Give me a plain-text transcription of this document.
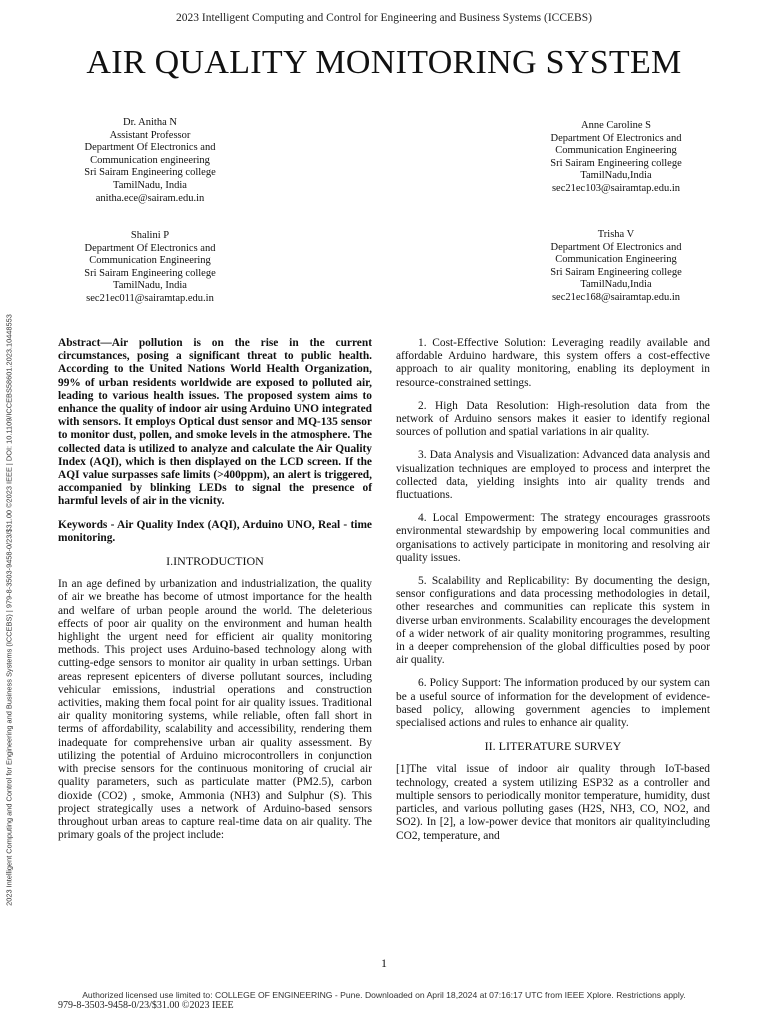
2023 Intelligent Computing and Control for Engineering and Business Systems (ICCEBS)
AIR QUALITY MONITORING SYSTEM
Dr. Anitha N
Assistant Professor
Department Of Electronics and
Communication engineering
Sri Sairam Engineering college
TamilNadu, India
anitha.ece@sairam.edu.in
Anne Caroline S
Department Of Electronics and
Communication Engineering
Sri Sairam Engineering college
TamilNadu,India
sec21ec103@sairamtap.edu.in
Shalini P
Department Of Electronics and
Communication Engineering
Sri Sairam Engineering college
TamilNadu, India
sec21ec011@sairamtap.edu.in
Trisha V
Department Of Electronics and
Communication Engineering
Sri Sairam Engineering college
TamilNadu,India
sec21ec168@sairamtap.edu.in
2023 Intelligent Computing and Control for Engineering and Business Systems (ICCEBS) | 979-8-3503-9458-0/23/$31.00 ©2023 IEEE | DOI: 10.1109/ICCEBS58601.2023.10448553	Abstract—Air pollution is on the rise in the current circumstances, posing a significant threat to public health. According to the United Nations World Health Organization, 99% of urban residents worldwide are exposed to polluted air, leading to various health issues. The proposed system aims to enhance the quality of indoor air using Arduino UNO integrated with sensors. It employs Optical dust sensor and MQ-135 sensor to monitor dust, pollen, and smoke levels in the atmosphere. The collected data is utilized to analyze and calculate the Air Quality Index (AQI), which is then displayed on the LCD screen. If the AQI value surpasses safe limits (>400ppm), an alert is triggered, accompanied by blinking LEDs to signal the presence of harmful levels of air in the vicnity.

Keywords - Air Quality Index (AQI), Arduino UNO, Real - time monitoring.

I.INTRODUCTION

In an age defined by urbanization and industrialization, the quality of air we breathe has become of utmost importance for the health and welfare of urban people around the world. The deleterious effects of poor air quality on the environment and human health highlight the urgent need for efficient air quality monitoring methods. This project uses Arduino-based technology along with cutting-edge sensors to monitor air quality in urban settings. Urban areas represent epicenters of diverse pollutant sources, including vehicular emissions, industrial operations and construction activities, making them focal point for air quality issues. Traditional air quality monitoring systems, while reliable, often fall short in terms of affordability, scalability and accessibility, rendering them inadequate for comprehensive urban air quality assessment. By utilizing the potential of Arduino microcontrollers in conjunction with precise sensors for the continuous monitoring of crucial air quality parameters, such as particulate matter (PM2.5), carbon dioxide (CO2) , smoke, Ammonia (NH3) and Sulphur (S). This project strategically uses a network of Arduino-based sensors throughout urban areas to capture real-time data on air quality. The primary goals of the project include:

1. Cost-Effective Solution: Leveraging readily available and affordable Arduino hardware, this system offers a cost-effective approach to air quality monitoring, enabling its deployment in resource-constrained settings.

2. High Data Resolution: High-resolution data from the network of Arduino sensors makes it easier to identify regional sources of pollution and spatial variations in air quality.

3. Data Analysis and Visualization: Advanced data analysis and visualization techniques are employed to process and interpret the collected data, yielding insights into air quality trends and fluctuations.

4. Local Empowerment: The strategy encourages grassroots environmental stewardship by empowering local communities and organisations to actively participate in monitoring and resolving air quality issues.

5. Scalability and Replicability: By documenting the design, sensor configurations and data processing methodologies in detail, other researches and communities can replicate this system in diverse urban environments. Scalability encourages the development of a wider network of air quality monitoring programmes, resulting in a deeper comprehension of the global difficulties posed by poor air quality.

6. Policy Support: The information produced by our system can be a useful source of information for the development of evidence-based policy, allowing government agencies to implement specialised actions and rules to enhance air quality.

II. LITERATURE SURVEY

[1]The vital issue of indoor air quality through IoT-based technology, created a system utilizing ESP32 as a controller and multiple sensors to periodically monitor temperature, humidity, dust particles, and various polluting gases (H2S, NH3, CO, NO2, and SO2). In [2], a low-power device that monitors air qualityincluding CO2, temperature, and

1
Authorized licensed use limited to: COLLEGE OF ENGINEERING - Pune. Downloaded on April 18,2024 at 07:16:17 UTC from IEEE Xplore. Restrictions apply.
979-8-3503-9458-0/23/$31.00 ©2023 IEEE
